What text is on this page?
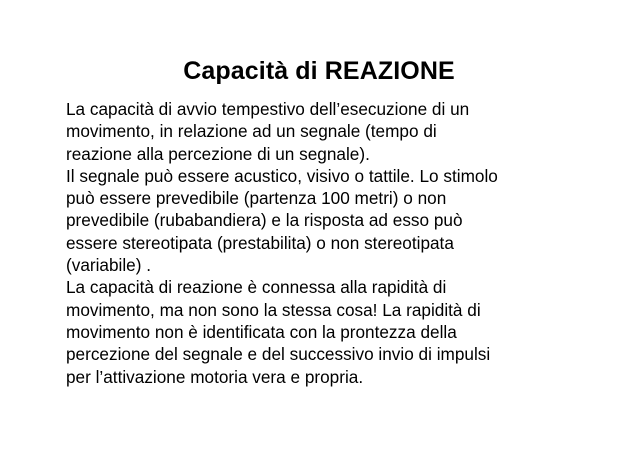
Capacità di REAZIONE

La capacità di avvio tempestivo dell’esecuzione di un
movimento, in relazione ad un segnale (tempo di
reazione alla percezione di un segnale).

Il segnale può essere acustico, visivo o tattile. Lo stimolo
può essere prevedibile (partenza 100 metri) o non
prevedibile (rubabandiera) e la risposta ad esso può
essere stereotipata (prestabilita) o non stereotipata
(variabile) .

La capacità di reazione è connessa alla rapidità di
movimento, ma non sono la stessa cosa! La rapidità di
movimento non è identificata con la prontezza della
percezione del segnale e del successivo invio di impulsi
per l’attivazione motoria vera e propria.
